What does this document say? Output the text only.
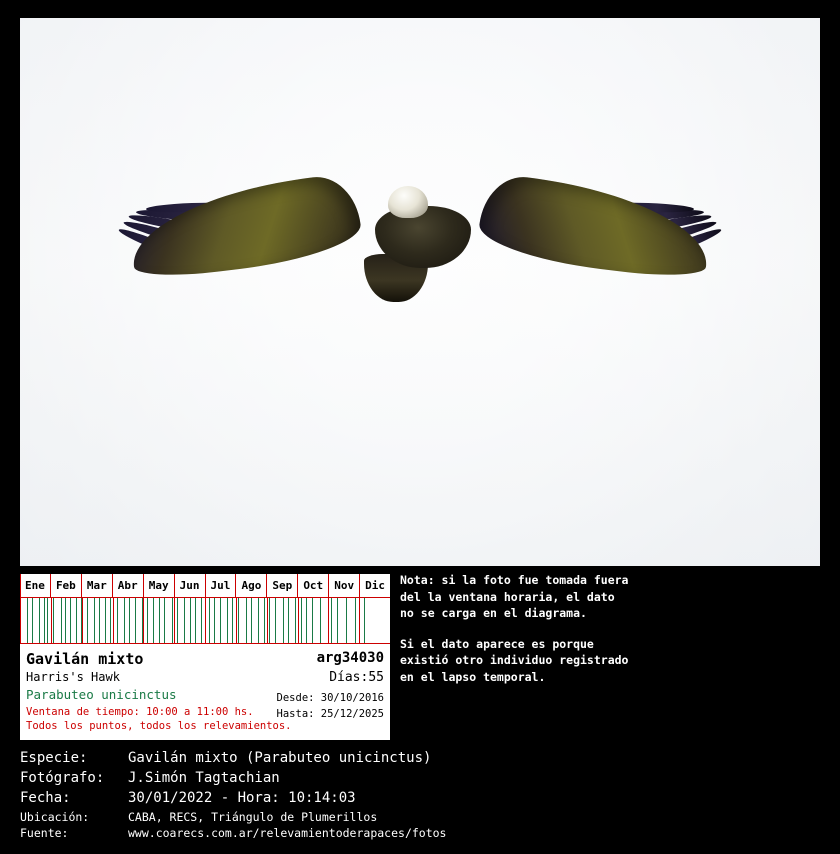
Ene	Feb	Mar	Abr	May	Jun	Jul	Ago	Sep	Oct	Nov	Dic
Gavilán mixto
Harris's Hawk
Parabuteo unicinctus
Ventana de tiempo: 10:00 a 11:00 hs.
Todos los puntos, todos los relevamientos.
arg34030
Días:55
Desde: 30/10/2016
Hasta: 25/12/2025

Nota: si la foto fue tomada fuera del la ventana horaria, el dato no se carga en el diagrama.

Si el dato aparece es porque existió otro individuo registrado en el lapso temporal.

Especie:	Gavilán mixto (Parabuteo unicinctus)
Fotógrafo:	J.Simón Tagtachian
Fecha:	30/01/2022 - Hora: 10:14:03
Ubicación:	CABA, RECS, Triángulo de Plumerillos
Fuente:	www.coarecs.com.ar/relevamientoderapaces/fotos
